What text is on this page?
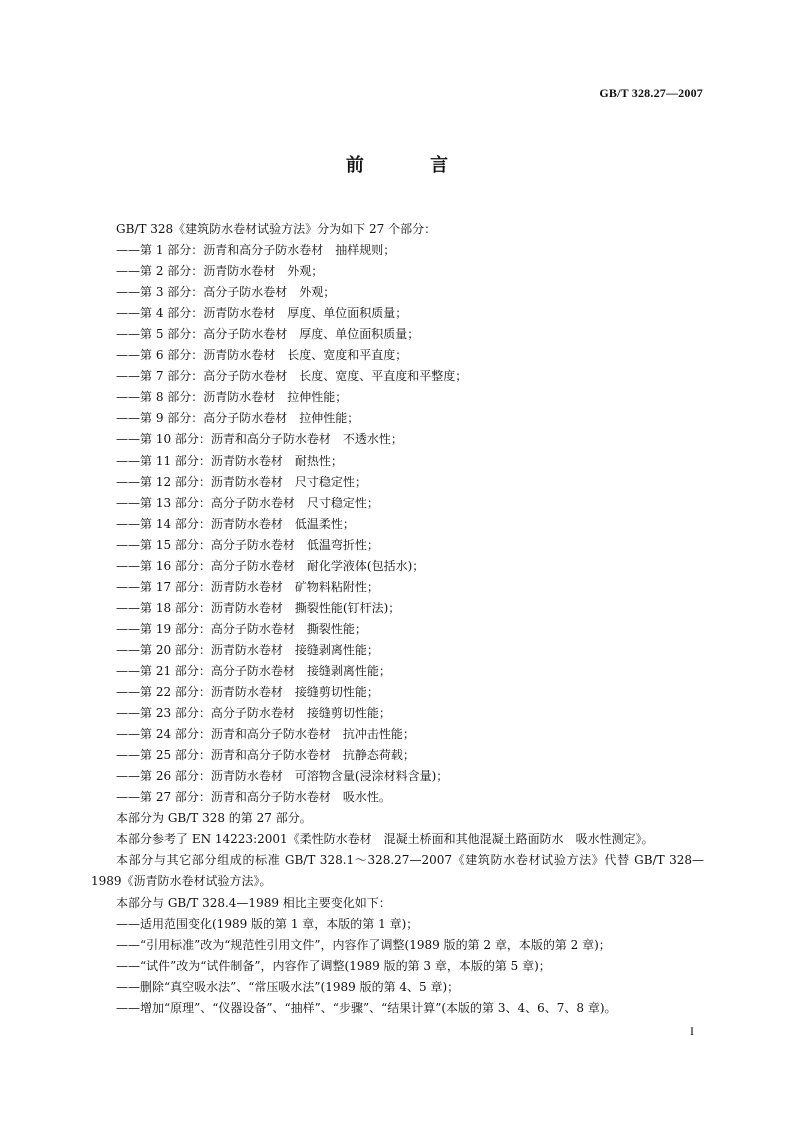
GB/T 328.27—2007
前 言
GB/T 328《建筑防水卷材试验方法》分为如下 27 个部分：
——第 1 部分：沥青和高分子防水卷材　抽样规则；
——第 2 部分：沥青防水卷材　外观；
——第 3 部分：高分子防水卷材　外观；
——第 4 部分：沥青防水卷材　厚度、单位面积质量；
——第 5 部分：高分子防水卷材　厚度、单位面积质量；
——第 6 部分：沥青防水卷材　长度、宽度和平直度；
——第 7 部分：高分子防水卷材　长度、宽度、平直度和平整度；
——第 8 部分：沥青防水卷材　拉伸性能；
——第 9 部分：高分子防水卷材　拉伸性能；
——第 10 部分：沥青和高分子防水卷材　不透水性；
——第 11 部分：沥青防水卷材　耐热性；
——第 12 部分：沥青防水卷材　尺寸稳定性；
——第 13 部分：高分子防水卷材　尺寸稳定性；
——第 14 部分：沥青防水卷材　低温柔性；
——第 15 部分：高分子防水卷材　低温弯折性；
——第 16 部分：高分子防水卷材　耐化学液体(包括水)；
——第 17 部分：沥青防水卷材　矿物料粘附性；
——第 18 部分：沥青防水卷材　撕裂性能(钉杆法)；
——第 19 部分：高分子防水卷材　撕裂性能；
——第 20 部分：沥青防水卷材　接缝剥离性能；
——第 21 部分：高分子防水卷材　接缝剥离性能；
——第 22 部分：沥青防水卷材　接缝剪切性能；
——第 23 部分：高分子防水卷材　接缝剪切性能；
——第 24 部分：沥青和高分子防水卷材　抗冲击性能；
——第 25 部分：沥青和高分子防水卷材　抗静态荷载；
——第 26 部分：沥青防水卷材　可溶物含量(浸涂材料含量)；
——第 27 部分：沥青和高分子防水卷材　吸水性。
本部分为 GB/T 328 的第 27 部分。
本部分参考了 EN 14223:2001《柔性防水卷材　混凝土桥面和其他混凝土路面防水　吸水性测定》。
本部分与其它部分组成的标准 GB/T 328.1～328.27—2007《建筑防水卷材试验方法》代替 GB/T 328—1989《沥青防水卷材试验方法》。
本部分与 GB/T 328.4—1989 相比主要变化如下：
——适用范围变化(1989 版的第 1 章，本版的第 1 章)；
——“引用标准”改为“规范性引用文件”，内容作了调整(1989 版的第 2 章，本版的第 2 章)；
——“试件”改为“试件制备”，内容作了调整(1989 版的第 3 章，本版的第 5 章)；
——删除“真空吸水法”、“常压吸水法”(1989 版的第 4、5 章)；
——增加“原理”、“仪器设备”、“抽样”、“步骤”、“结果计算”(本版的第 3、4、6、7、8 章)。
I
